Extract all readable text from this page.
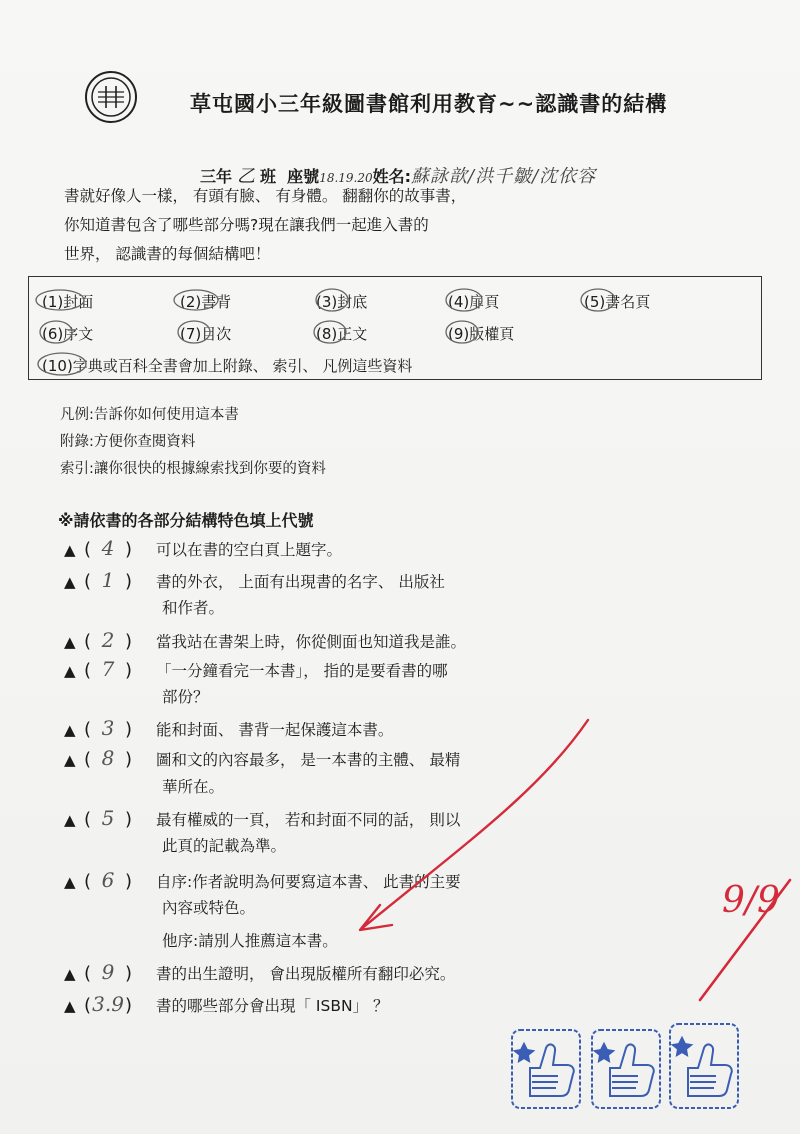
草屯國小三年級圖書館利用教育~~認識書的結構
三年 乙 班 座號18.19.20姓名:蘇詠歆/洪千皺/沈依容

書就好像人一樣， 有頭有臉、 有身體。 翻翻你的故事書，

你知道書包含了哪些部分嗎?現在讓我們一起進入書的

世界， 認識書的每個結構吧！

(1)封面	(2)書背	(3)封底	(4)扉頁	(5)書名頁
(6)序文	(7)目次	(8)正文	(9)版權頁
(10)字典或百科全書會加上附錄、 索引、 凡例這些資料
凡例:告訴你如何使用這本書
附錄:方便你查閱資料
索引:讓你很快的根據線索找到你要的資料
※請依書的各部分結構特色填上代號
▲ ( 4 ) 可以在書的空白頁上題字。
▲ ( 1 ) 書的外衣， 上面有出現書的名字、 出版社
和作者。
▲ ( 2 ) 當我站在書架上時，你從側面也知道我是誰。
▲ ( 7 ) 「一分鐘看完一本書」， 指的是要看書的哪
部份？
▲ ( 3 ) 能和封面、 書背一起保護這本書。
▲ ( 8 ) 圖和文的內容最多， 是一本書的主體、 最精
華所在。
▲ ( 5 ) 最有權威的一頁， 若和封面不同的話， 則以
此頁的記載為準。
▲ ( 6 ) 自序:作者說明為何要寫這本書、 此書的主要
內容或特色。
他序:請別人推薦這本書。
▲ ( 9 ) 書的出生證明， 會出現版權所有翻印必究。
▲ (3.9) 書的哪些部分會出現「 ISBN」 ？
9/9
